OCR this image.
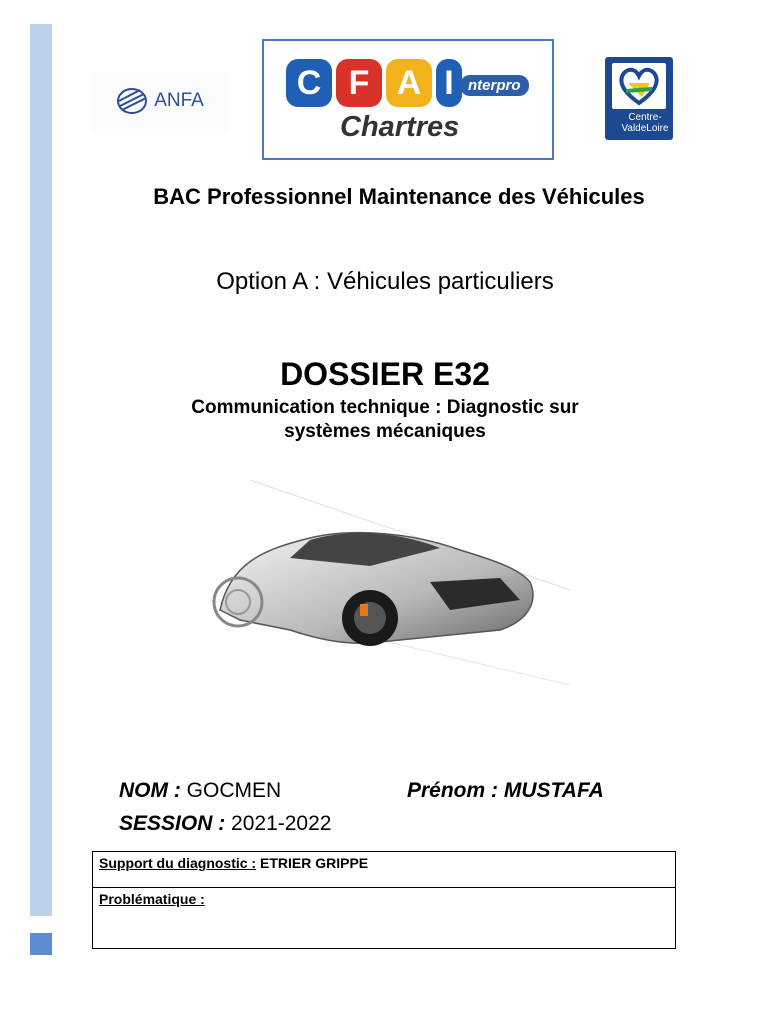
ANFA	C F A I nterpro
Chartres	Centre-
ValdeLoire
BAC Professionnel Maintenance des Véhicules
Option A : Véhicules particuliers
DOSSIER E32
Communication technique : Diagnostic sur
systèmes mécaniques
NOM : GOCMEN	Prénom : MUSTAFA
SESSION : 2021-2022
Support du diagnostic : ETRIER GRIPPE
Problématique :
